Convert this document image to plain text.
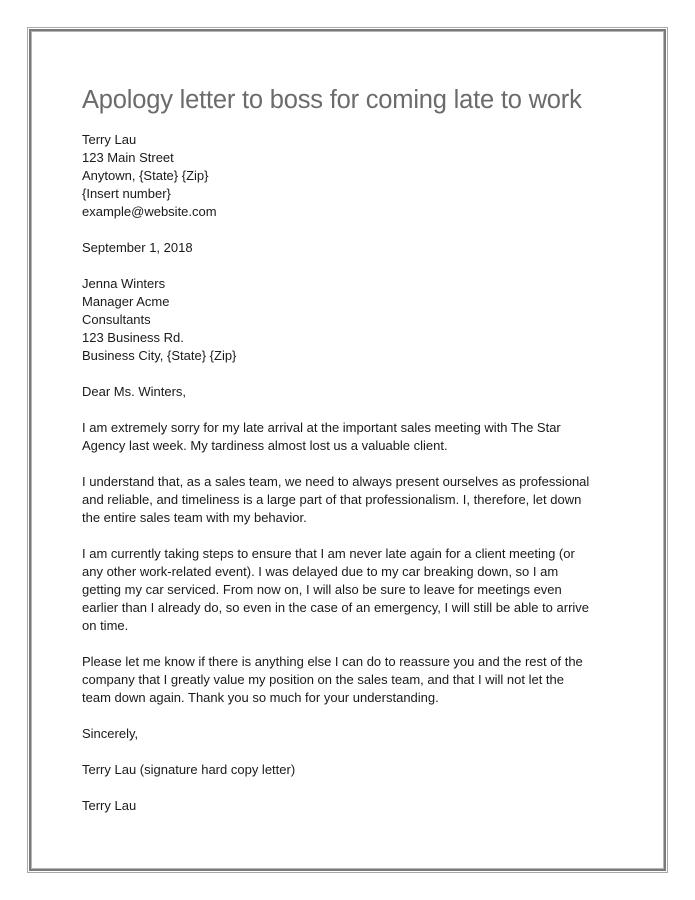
Apology letter to boss for coming late to work
Terry Lau
123 Main Street
Anytown, {State} {Zip}
{Insert number}
example@website.com
September 1, 2018
Jenna Winters
Manager Acme
Consultants
123 Business Rd.
Business City, {State} {Zip}
Dear Ms. Winters,
I am extremely sorry for my late arrival at the important sales meeting with The Star
Agency last week. My tardiness almost lost us a valuable client.
I understand that, as a sales team, we need to always present ourselves as professional
and reliable, and timeliness is a large part of that professionalism. I, therefore, let down
the entire sales team with my behavior.
I am currently taking steps to ensure that I am never late again for a client meeting (or
any other work-related event). I was delayed due to my car breaking down, so I am
getting my car serviced. From now on, I will also be sure to leave for meetings even
earlier than I already do, so even in the case of an emergency, I will still be able to arrive
on time.
Please let me know if there is anything else I can do to reassure you and the rest of the
company that I greatly value my position on the sales team, and that I will not let the
team down again. Thank you so much for your understanding.
Sincerely,
Terry Lau (signature hard copy letter)
Terry Lau
